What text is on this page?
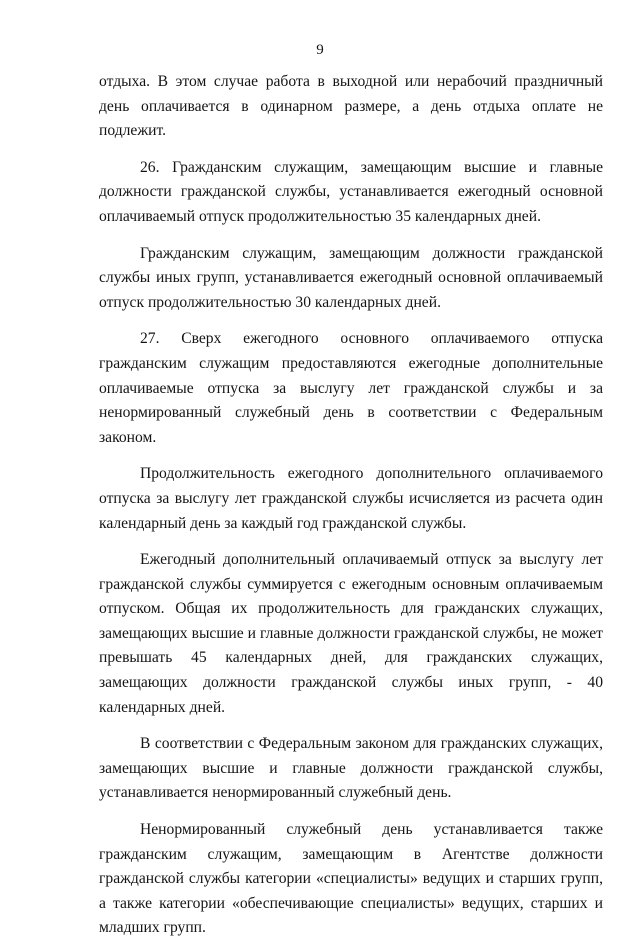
9

отдыха. В этом случае работа в выходной или нерабочий праздничный день оплачивается в одинарном размере, а день отдыха оплате не подлежит.

26. Гражданским служащим, замещающим высшие и главные должности гражданской службы, устанавливается ежегодный основной оплачиваемый отпуск продолжительностью 35 календарных дней.

Гражданским служащим, замещающим должности гражданской службы иных групп, устанавливается ежегодный основной оплачиваемый отпуск продолжительностью 30 календарных дней.

27. Сверх ежегодного основного оплачиваемого отпуска гражданским служащим предоставляются ежегодные дополнительные оплачиваемые отпуска за выслугу лет гражданской службы и за ненормированный служебный день в соответствии с Федеральным законом.

Продолжительность ежегодного дополнительного оплачиваемого отпуска за выслугу лет гражданской службы исчисляется из расчета один календарный день за каждый год гражданской службы.

Ежегодный дополнительный оплачиваемый отпуск за выслугу лет гражданской службы суммируется с ежегодным основным оплачиваемым отпуском. Общая их продолжительность для гражданских служащих, замещающих высшие и главные должности гражданской службы, не может превышать 45 календарных дней, для гражданских служащих, замещающих должности гражданской службы иных групп, - 40 календарных дней.

В соответствии с Федеральным законом для гражданских служащих, замещающих высшие и главные должности гражданской службы, устанавливается ненормированный служебный день.

Ненормированный служебный день устанавливается также гражданским служащим, замещающим в Агентстве должности гражданской службы категории «специалисты» ведущих и старших групп, а также категории «обеспечивающие специалисты» ведущих, старших и младших групп.
